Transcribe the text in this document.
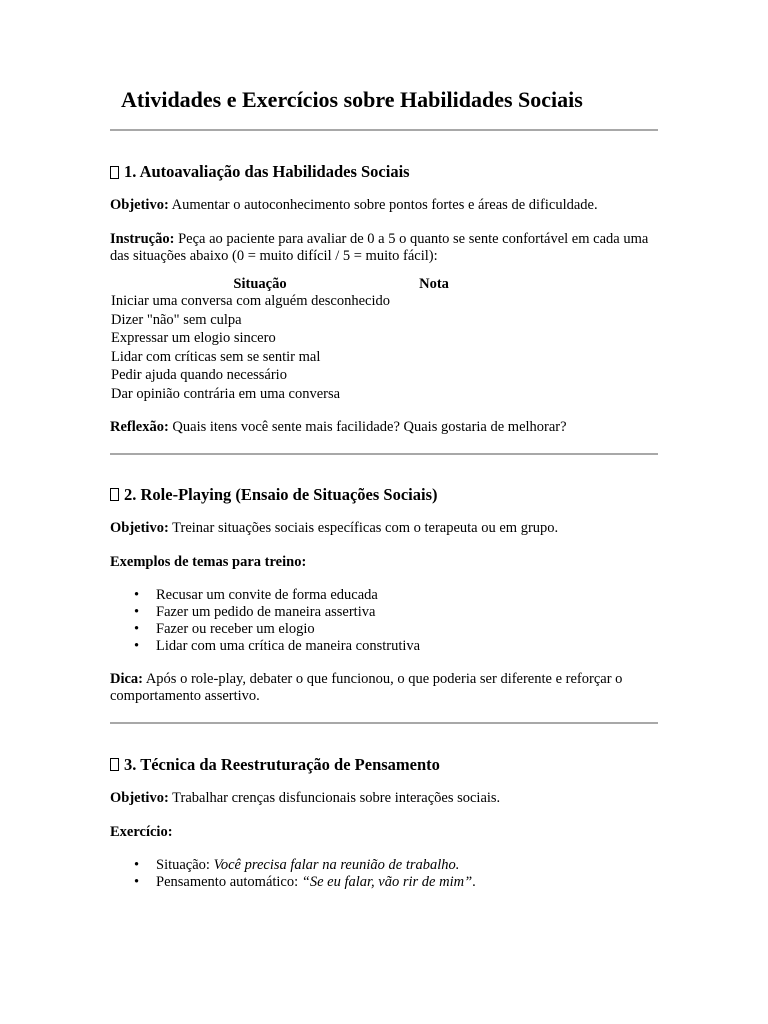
Atividades e Exercícios sobre Habilidades Sociais
1. Autoavaliação das Habilidades Sociais

Objetivo: Aumentar o autoconhecimento sobre pontos fortes e áreas de dificuldade.

Instrução: Peça ao paciente para avaliar de 0 a 5 o quanto se sente confortável em cada uma das situações abaixo (0 = muito difícil / 5 = muito fácil):

Situação	Nota
Iniciar uma conversa com alguém desconhecido	
Dizer "não" sem culpa	
Expressar um elogio sincero	
Lidar com críticas sem se sentir mal	
Pedir ajuda quando necessário	
Dar opinião contrária em uma conversa	

Reflexão: Quais itens você sente mais facilidade? Quais gostaria de melhorar?

2. Role-Playing (Ensaio de Situações Sociais)

Objetivo: Treinar situações sociais específicas com o terapeuta ou em grupo.

Exemplos de temas para treino:

• Recusar um convite de forma educada
• Fazer um pedido de maneira assertiva
• Fazer ou receber um elogio
• Lidar com uma crítica de maneira construtiva

Dica: Após o role-play, debater o que funcionou, o que poderia ser diferente e reforçar o comportamento assertivo.

3. Técnica da Reestruturação de Pensamento

Objetivo: Trabalhar crenças disfuncionais sobre interações sociais.

Exercício:

• Situação: Você precisa falar na reunião de trabalho.
• Pensamento automático: “Se eu falar, vão rir de mim”.
